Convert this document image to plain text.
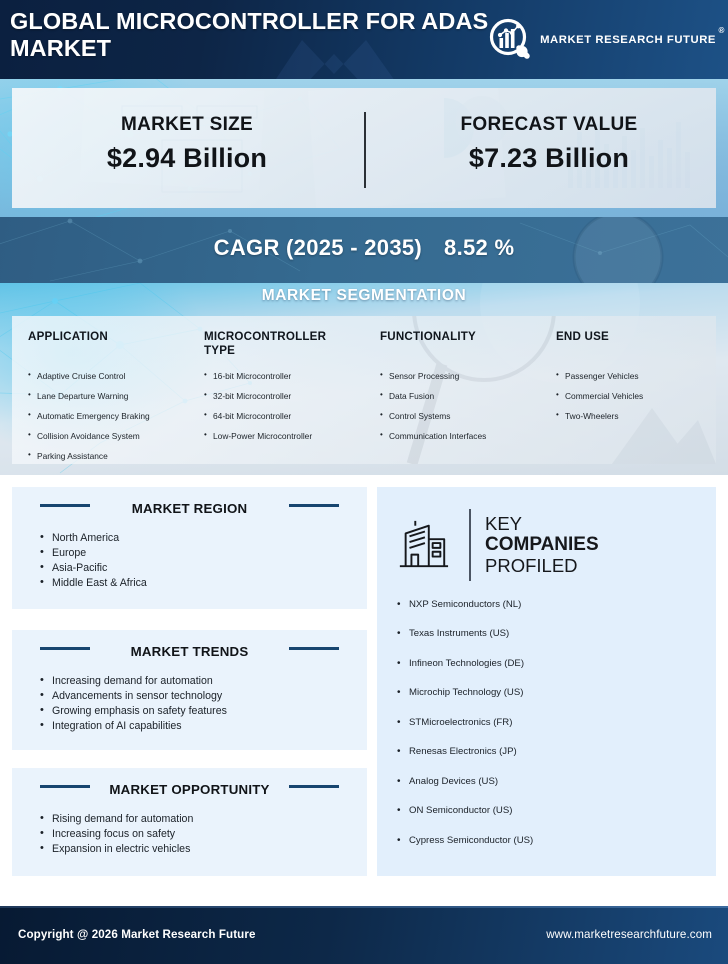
GLOBAL MICROCONTROLLER FOR ADAS MARKET	MARKET RESEARCH FUTURE
®
MARKET SIZE
$2.94 Billion
FORECAST VALUE
$7.23 Billion
CAGR (2025 - 2035) 8.52 %
MARKET SEGMENTATION
APPLICATION
• Adaptive Cruise Control
• Lane Departure Warning
• Automatic Emergency Braking
• Collision Avoidance System
• Parking Assistance
MICROCONTROLLER TYPE
• 16-bit Microcontroller
• 32-bit Microcontroller
• 64-bit Microcontroller
• Low-Power Microcontroller
FUNCTIONALITY
• Sensor Processing
• Data Fusion
• Control Systems
• Communication Interfaces
END USE
• Passenger Vehicles
• Commercial Vehicles
• Two-Wheelers
MARKET REGION
• North America
• Europe
• Asia-Pacific
• Middle East & Africa
MARKET TRENDS
• Increasing demand for automation
• Advancements in sensor technology
• Growing emphasis on safety features
• Integration of AI capabilities
MARKET OPPORTUNITY
• Rising demand for automation
• Increasing focus on safety
• Expansion in electric vehicles
KEY
COMPANIES
PROFILED
• NXP Semiconductors (NL)
• Texas Instruments (US)
• Infineon Technologies (DE)
• Microchip Technology (US)
• STMicroelectronics (FR)
• Renesas Electronics (JP)
• Analog Devices (US)
• ON Semiconductor (US)
• Cypress Semiconductor (US)
Copyright @ 2025 Market Research Future	www.marketresearchfuture.com
Copyright @ 2026 Market Research Future	www.marketresearchfuture.com
